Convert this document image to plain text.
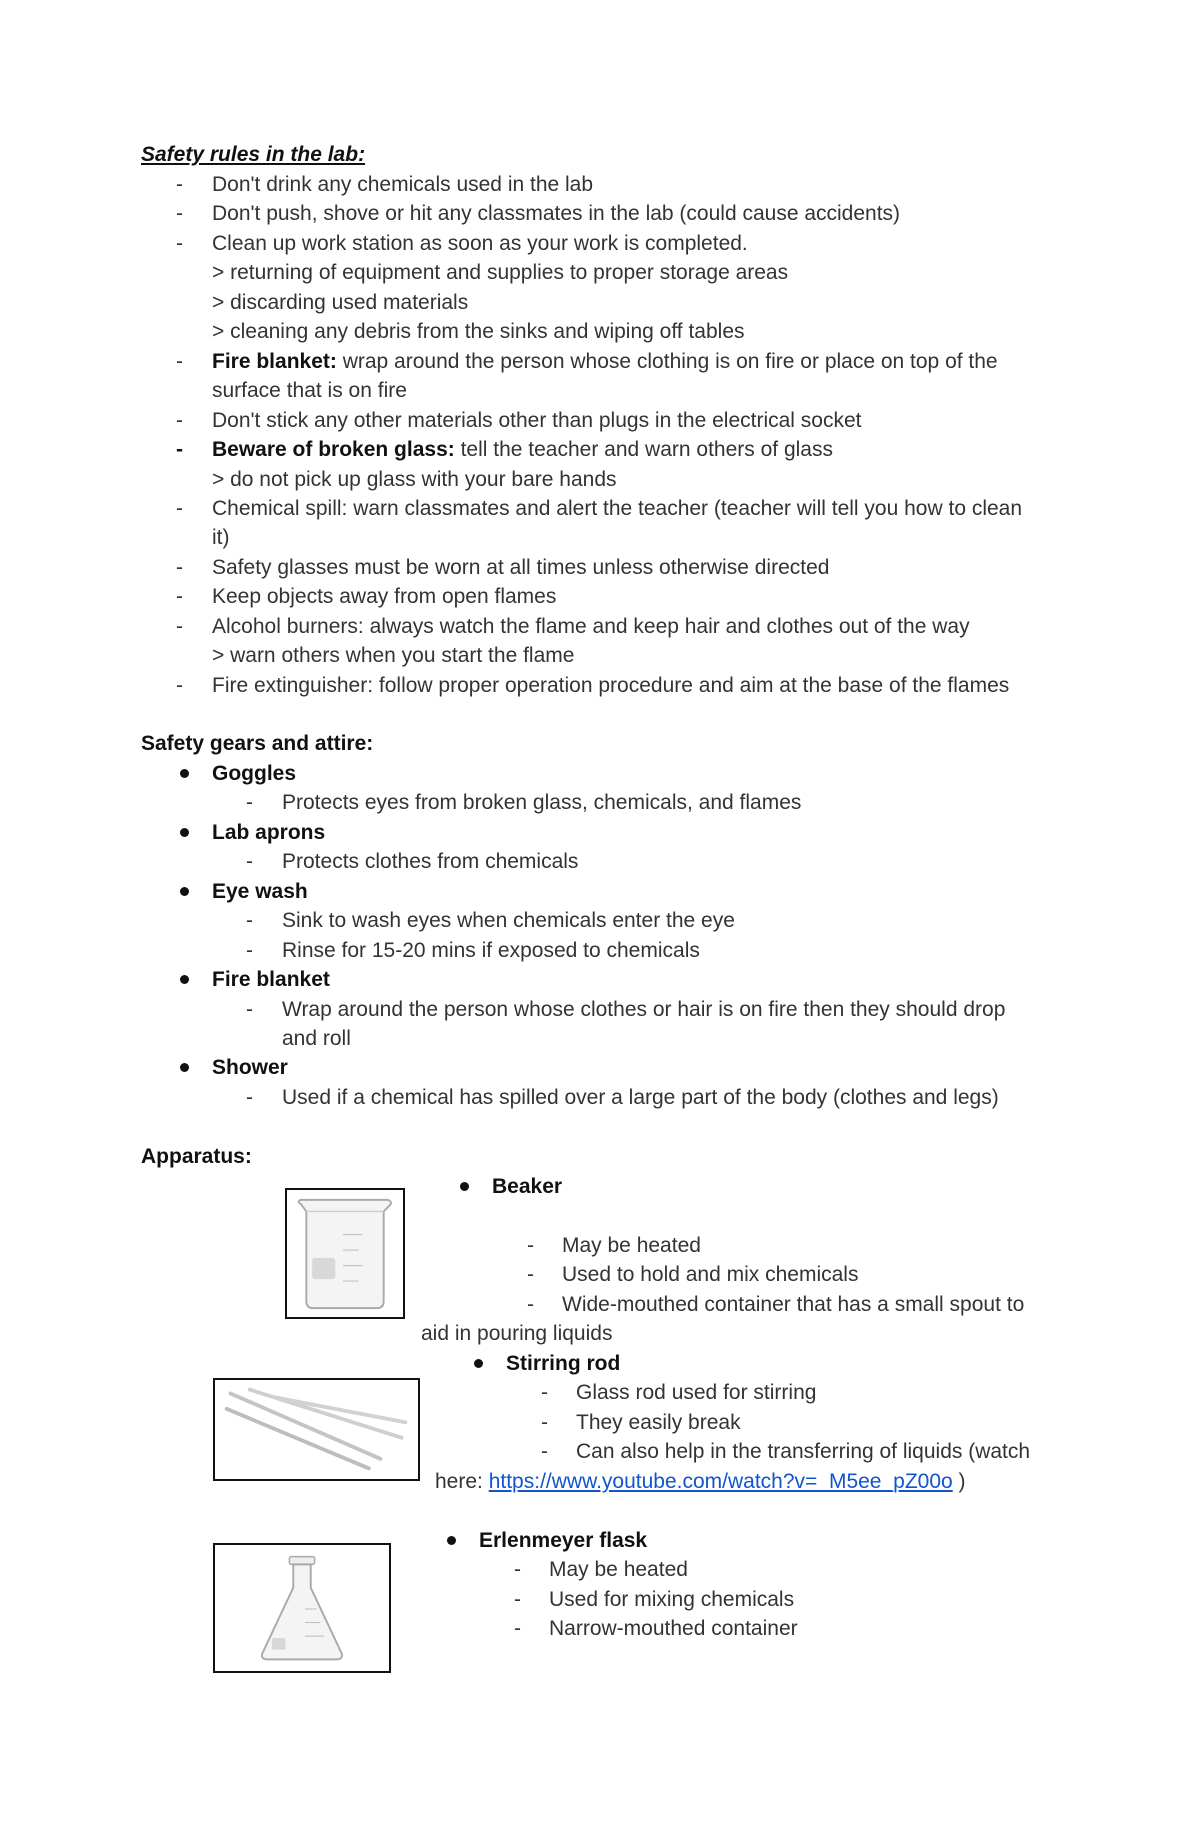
Safety rules in the lab:
- Don't drink any chemicals used in the lab
- Don't push, shove or hit any classmates in the lab (could cause accidents)
- Clean up work station as soon as your work is completed.
> returning of equipment and supplies to proper storage areas
> discarding used materials
> cleaning any debris from the sinks and wiping off tables
- Fire blanket: wrap around the person whose clothing is on fire or place on top of the
surface that is on fire
- Don't stick any other materials other than plugs in the electrical socket
- Beware of broken glass: tell the teacher and warn others of glass
> do not pick up glass with your bare hands
- Chemical spill: warn classmates and alert the teacher (teacher will tell you how to clean
it)
- Safety glasses must be worn at all times unless otherwise directed
- Keep objects away from open flames
- Alcohol burners: always watch the flame and keep hair and clothes out of the way
> warn others when you start the flame
- Fire extinguisher: follow proper operation procedure and aim at the base of the flames
Safety gears and attire:
Goggles
- Protects eyes from broken glass, chemicals, and flames
Lab aprons
- Protects clothes from chemicals
Eye wash
- Sink to wash eyes when chemicals enter the eye
- Rinse for 15-20 mins if exposed to chemicals
Fire blanket
- Wrap around the person whose clothes or hair is on fire then they should drop
and roll
Shower
- Used if a chemical has spilled over a large part of the body (clothes and legs)
Apparatus:
Beaker
- May be heated
- Used to hold and mix chemicals
- Wide-mouthed container that has a small spout to
aid in pouring liquids
Stirring rod
- Glass rod used for stirring
- They easily break
- Can also help in the transferring of liquids (watch
here: https://www.youtube.com/watch?v=_M5ee_pZ00o )
Erlenmeyer flask
- May be heated
- Used for mixing chemicals
- Narrow-mouthed container
